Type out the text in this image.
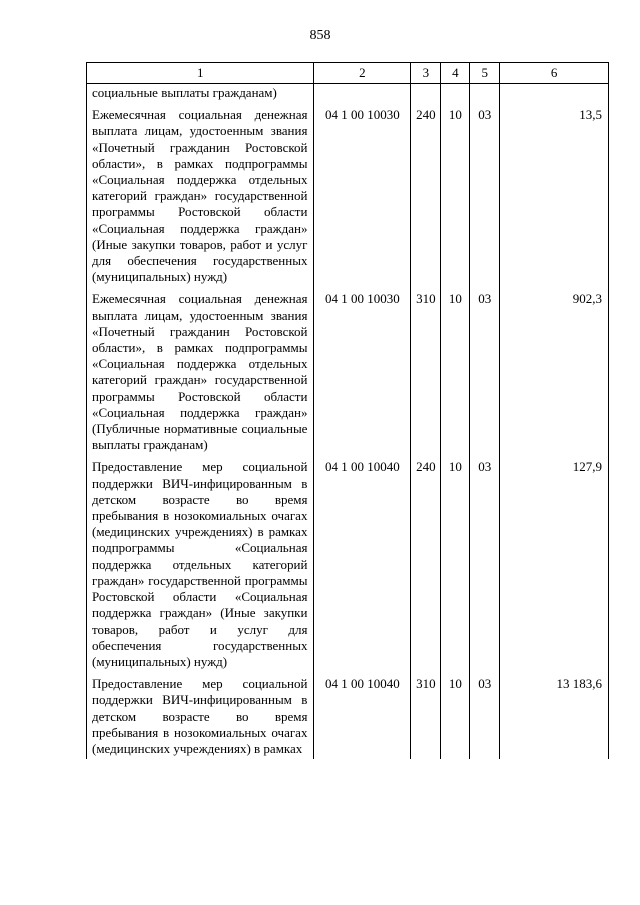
858
1	2	3	4	5	6
социальные выплаты гражданам)					
Ежемесячная социальная денежная выплата лицам, удостоенным звания «Почетный гражданин Ростовской области», в рамках подпрограммы «Социальная поддержка отдельных категорий граждан» государственной программы Ростовской области «Социальная поддержка граждан» (Иные закупки товаров, работ и услуг для обеспечения государственных (муниципальных) нужд)	04 1 00 10030	240	10	03	13,5
Ежемесячная социальная денежная выплата лицам, удостоенным звания «Почетный гражданин Ростовской области», в рамках подпрограммы «Социальная поддержка отдельных категорий граждан» государственной программы Ростовской области «Социальная поддержка граждан» (Публичные нормативные социальные выплаты гражданам)	04 1 00 10030	310	10	03	902,3
Предоставление мер социальной поддержки ВИЧ-инфицированным в детском возрасте во время пребывания в нозокомиальных очагах (медицинских учреждениях) в рамках подпрограммы «Социальная поддержка отдельных категорий граждан» государственной программы Ростовской области «Социальная поддержка граждан» (Иные закупки товаров, работ и услуг для обеспечения государственных (муниципальных) нужд)	04 1 00 10040	240	10	03	127,9
Предоставление мер социальной поддержки ВИЧ-инфицированным в детском возрасте во время пребывания в нозокомиальных очагах (медицинских учреждениях) в рамках	04 1 00 10040	310	10	03	13 183,6
